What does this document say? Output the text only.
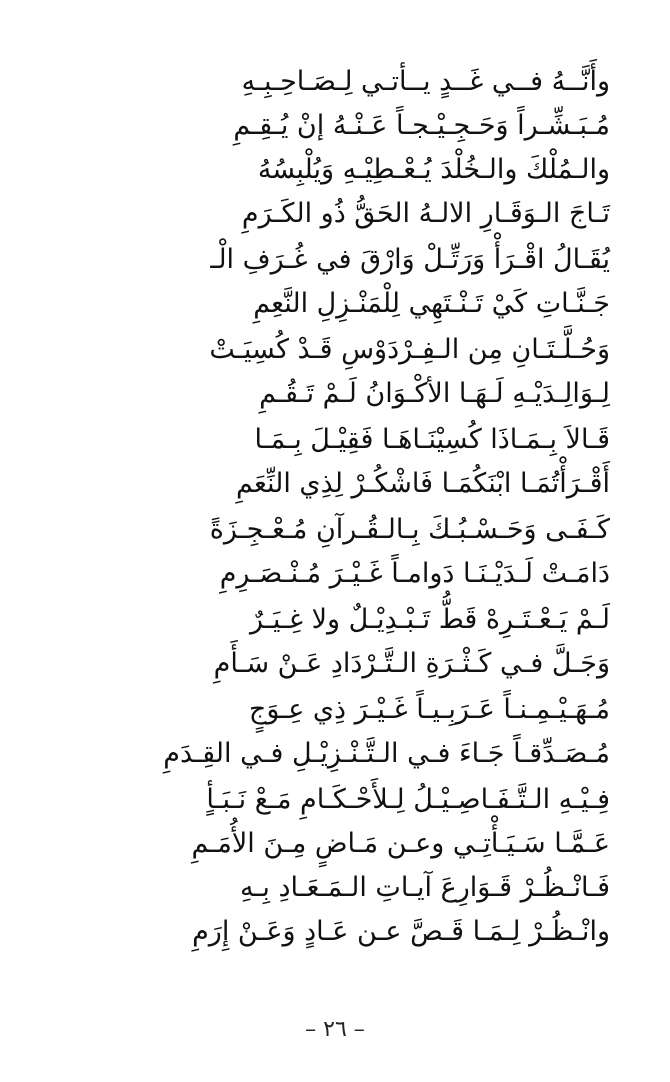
وأَنَّــهُ فــي غَــدٍ يــأتـي لِـصَـاحِـبِـهِ
مُـبَـشِّـراً وَحَـجِـيْـجـاً عَـنْـهُ إنْ يُـقِـمِ
والـمُلْكَ والـخُلْدَ يُـعْـطِيْـهِ وَيُلْبِسُهُ
تَـاجَ الـوَقَـارِ الالـهُ الحَقُّ ذُو الكَـرَمِ
يُقَـالُ اقْـرَأْ وَرَتِّـلْ وَارْقَ في غُـرَفِ الْـ
جَـنَّـاتِ كَيْ تَـنْـتَهِي لِلْمَنْـزِلِ النَّعِمِ
وَحُـلَّـتَـانِ مِن الـفِـرْدَوْسِ قَـدْ كُسِيَـتْ
لِـوَالِـدَيْـهِ لَـهَـا الأكْـوَانُ لَـمْ تَـقُـمِ
قَـالاَ بِـمَـاذَا كُسِيْنَـاهَـا فَقِيْـلَ بِـمَـا
أَقْـرَأْتُمَـا ابْنَكُمَـا فَاشْكُـرْ لِذِي النِّعَمِ
كَـفَـى وَحَـسْـبُـكَ بِـالـقُـرآنِ مُـعْـجِـزَةً
دَامَـتْ لَـدَيْـنَـا دَوامـاً غَـيْـرَ مُـنْـصَـرِمِ
لَـمْ يَـعْـتَـرِهْ قَطُّ تَـبْـدِيْـلٌ ولا غِـيَـرٌ
وَجَـلَّ فـي كَـثْـرَةِ الـتَّـرْدَادِ عَـنْ سَـأَمِ
مُـهَـيْـمِـنـاً عَـرَبِـيـاً غَـيْـرَ ذِي عِـوَجٍ
مُـصَـدِّقـاً جَـاءَ فـي الـتَّـنْـزِيْـلِ فـي القِـدَمِ
فِـيْـهِ الـتَّـفَـاصِـيْـلُ لِـلأَحْـكَـامِ مَـعْ نَـبَـأٍ
عَـمَّـا سَـيَـأْتِـي وعـن مَـاضٍ مِـنَ الأُمَـمِ
فَـانْـظُـرْ قَـوَارِعَ آيـاتِ الـمَـعَـادِ بِـهِ
وانْـظُـرْ لِـمَـا قَـصَّ عـن عَـادٍ وَعَـنْ إِرَمِ
– ٢٦ –
